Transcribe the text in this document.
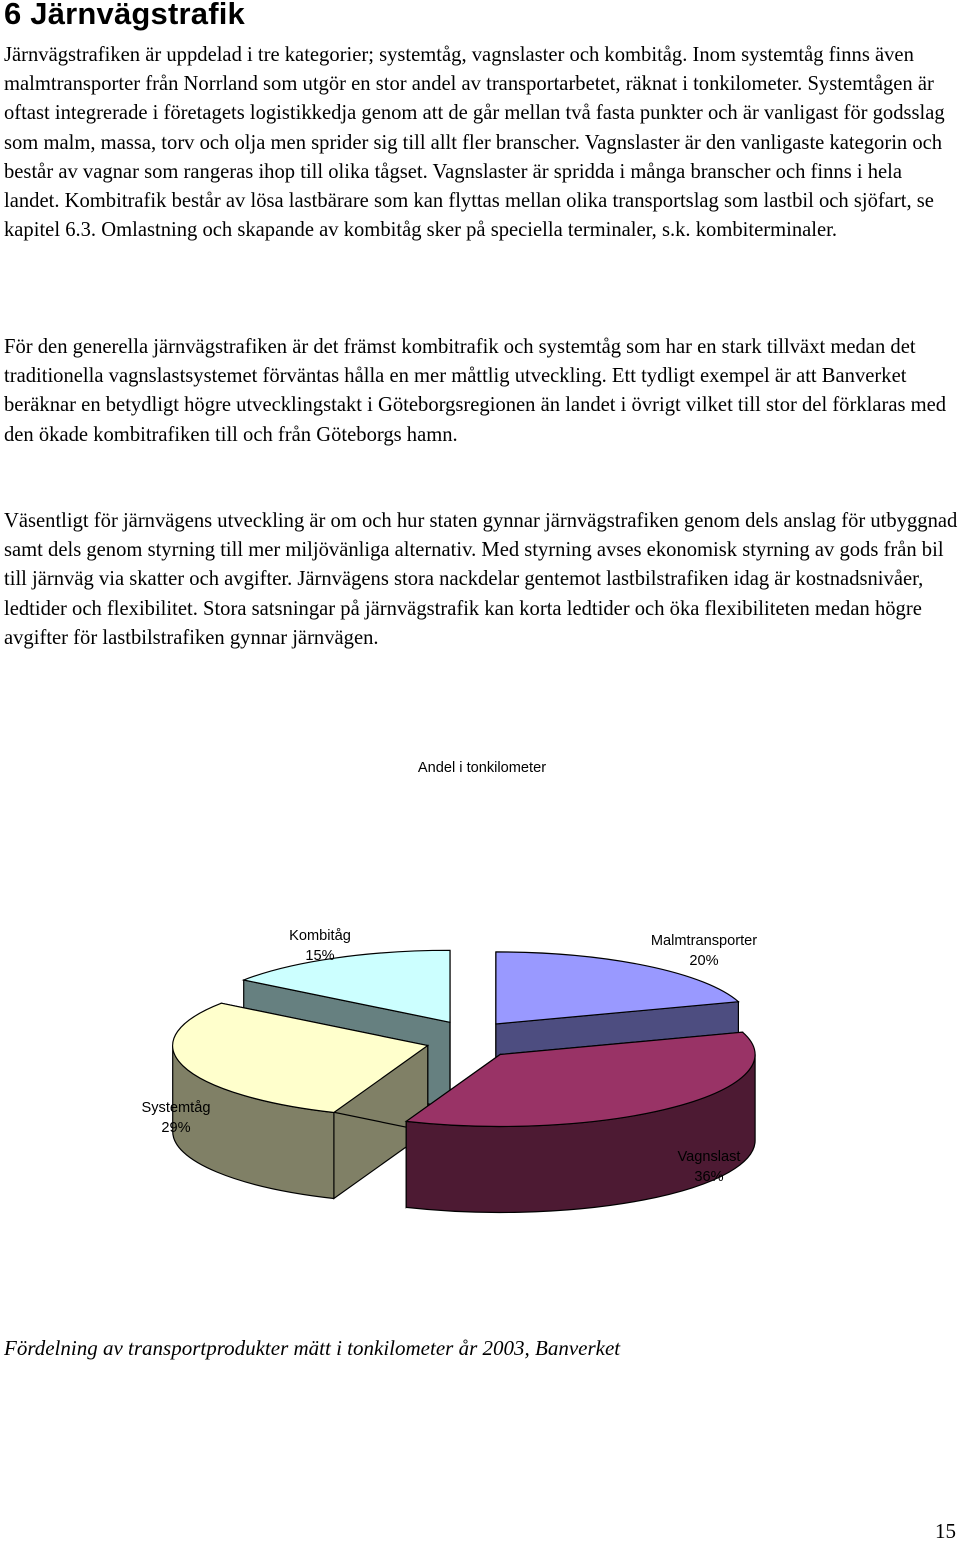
6 Järnvägstrafik

Järnvägstrafiken är uppdelad i tre kategorier; systemtåg, vagnslaster och kombitåg. Inom systemtåg finns även malmtransporter från Norrland som utgör en stor andel av transportarbetet, räknat i tonkilometer. Systemtågen är oftast integrerade i företagets logistikkedja genom att de går mellan två fasta punkter och är vanligast för godsslag som malm, massa, torv och olja men sprider sig till allt fler branscher. Vagnslaster är den vanligaste kategorin och består av vagnar som rangeras ihop till olika tågset. Vagnslaster är spridda i många branscher och finns i hela landet. Kombitrafik består av lösa lastbärare som kan flyttas mellan olika transportslag som lastbil och sjöfart, se kapitel 6.3. Omlastning och skapande av kombitåg sker på speciella terminaler, s.k. kombiterminaler.

För den generella järnvägstrafiken är det främst kombitrafik och systemtåg som har en stark tillväxt medan det traditionella vagnslastsystemet förväntas hålla en mer måttlig utveckling. Ett tydligt exempel är att Banverket beräknar en betydligt högre utvecklingstakt i Göteborgsregionen än landet i övrigt vilket till stor del förklaras med den ökade kombitrafiken till och från Göteborgs hamn.

Väsentligt för järnvägens utveckling är om och hur staten gynnar järnvägstrafiken genom dels anslag för utbyggnad samt dels genom styrning till mer miljövänliga alternativ. Med styrning avses ekonomisk styrning av gods från bil till järnväg via skatter och avgifter. Järnvägens stora nackdelar gentemot lastbilstrafiken idag är kostnadsnivåer, ledtider och flexibilitet. Stora satsningar på järnvägstrafik kan korta ledtider och öka flexibiliteten medan högre avgifter för lastbilstrafiken gynnar järnvägen.

Andel i tonkilometer
Kombitåg
15%
Malmtransporter
20%
Systemtåg
29%
Vagnslast
36%

Fördelning av transportprodukter mätt i tonkilometer år 2003, Banverket

15
